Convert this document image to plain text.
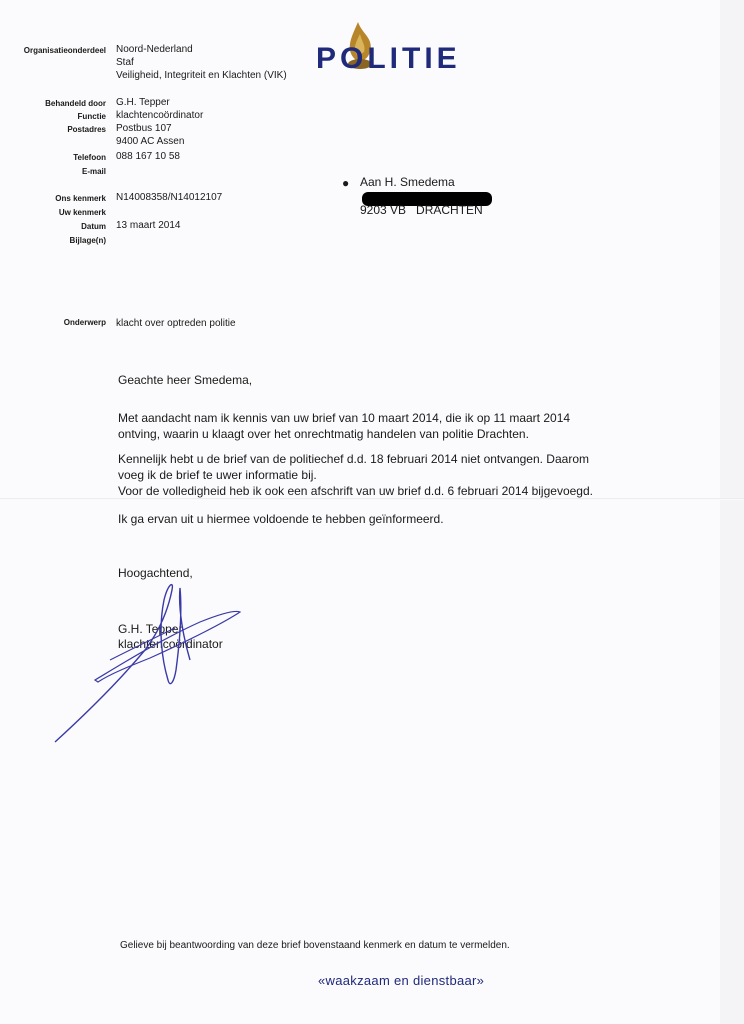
POLITIE
Organisatieonderdeel Noord-Nederland
Staf
Veiligheid, Integriteit en Klachten (VIK)
Behandeld door G.H. Tepper
Functie klachtencoördinator
Postadres Postbus 107
9400 AC Assen
Telefoon 088 167 10 58
E-mail
Ons kenmerk N14008358/N14012107
Uw kenmerk
Datum 13 maart 2014
Bijlage(n)
● Aan H. Smedema
9203 VB   DRACHTEN
Onderwerp klacht over optreden politie
Geachte heer Smedema,
Met aandacht nam ik kennis van uw brief van 10 maart 2014, die ik op 11 maart 2014 ontving, waarin u klaagt over het onrechtmatig handelen van politie Drachten.
Kennelijk hebt u de brief van de politiechef d.d. 18 februari 2014 niet ontvangen. Daarom voeg ik de brief te uwer informatie bij.
Voor de volledigheid heb ik ook een afschrift van uw brief d.d. 6 februari 2014 bijgevoegd.
Ik ga ervan uit u hiermee voldoende te hebben geïnformeerd.
Hoogachtend,
G.H. Tepper
klachtencoördinator
Gelieve bij beantwoording van deze brief bovenstaand kenmerk en datum te vermelden.
«waakzaam en dienstbaar»
